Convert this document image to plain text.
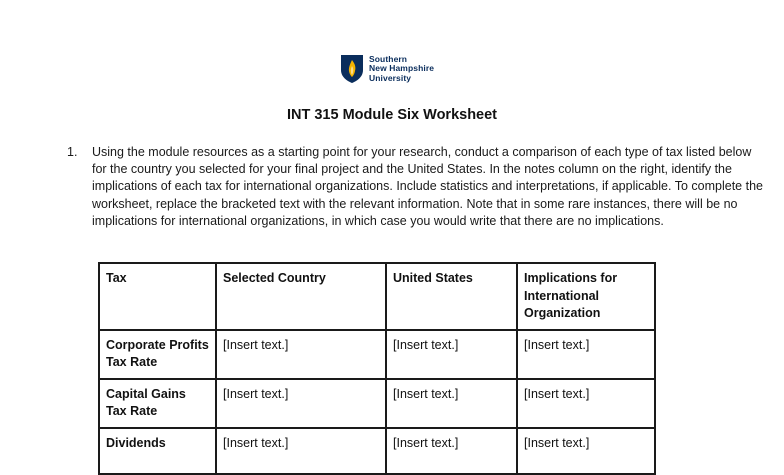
Southern
New Hampshire
University
INT 315 Module Six Worksheet
1. Using the module resources as a starting point for your research, conduct a comparison of each type of tax listed below for the country you selected for your final project and the United States. In the notes column on the right, identify the implications of each tax for international organizations. Include statistics and interpretations, if applicable. To complete the worksheet, replace the bracketed text with the relevant information. Note that in some rare instances, there will be no implications for international organizations, in which case you would write that there are no implications.
Tax	Selected Country	United States	Implications for International Organization
Corporate Profits Tax Rate	[Insert text.]	[Insert text.]	[Insert text.]
Capital Gains Tax Rate	[Insert text.]	[Insert text.]	[Insert text.]
Dividends	[Insert text.]	[Insert text.]	[Insert text.]
